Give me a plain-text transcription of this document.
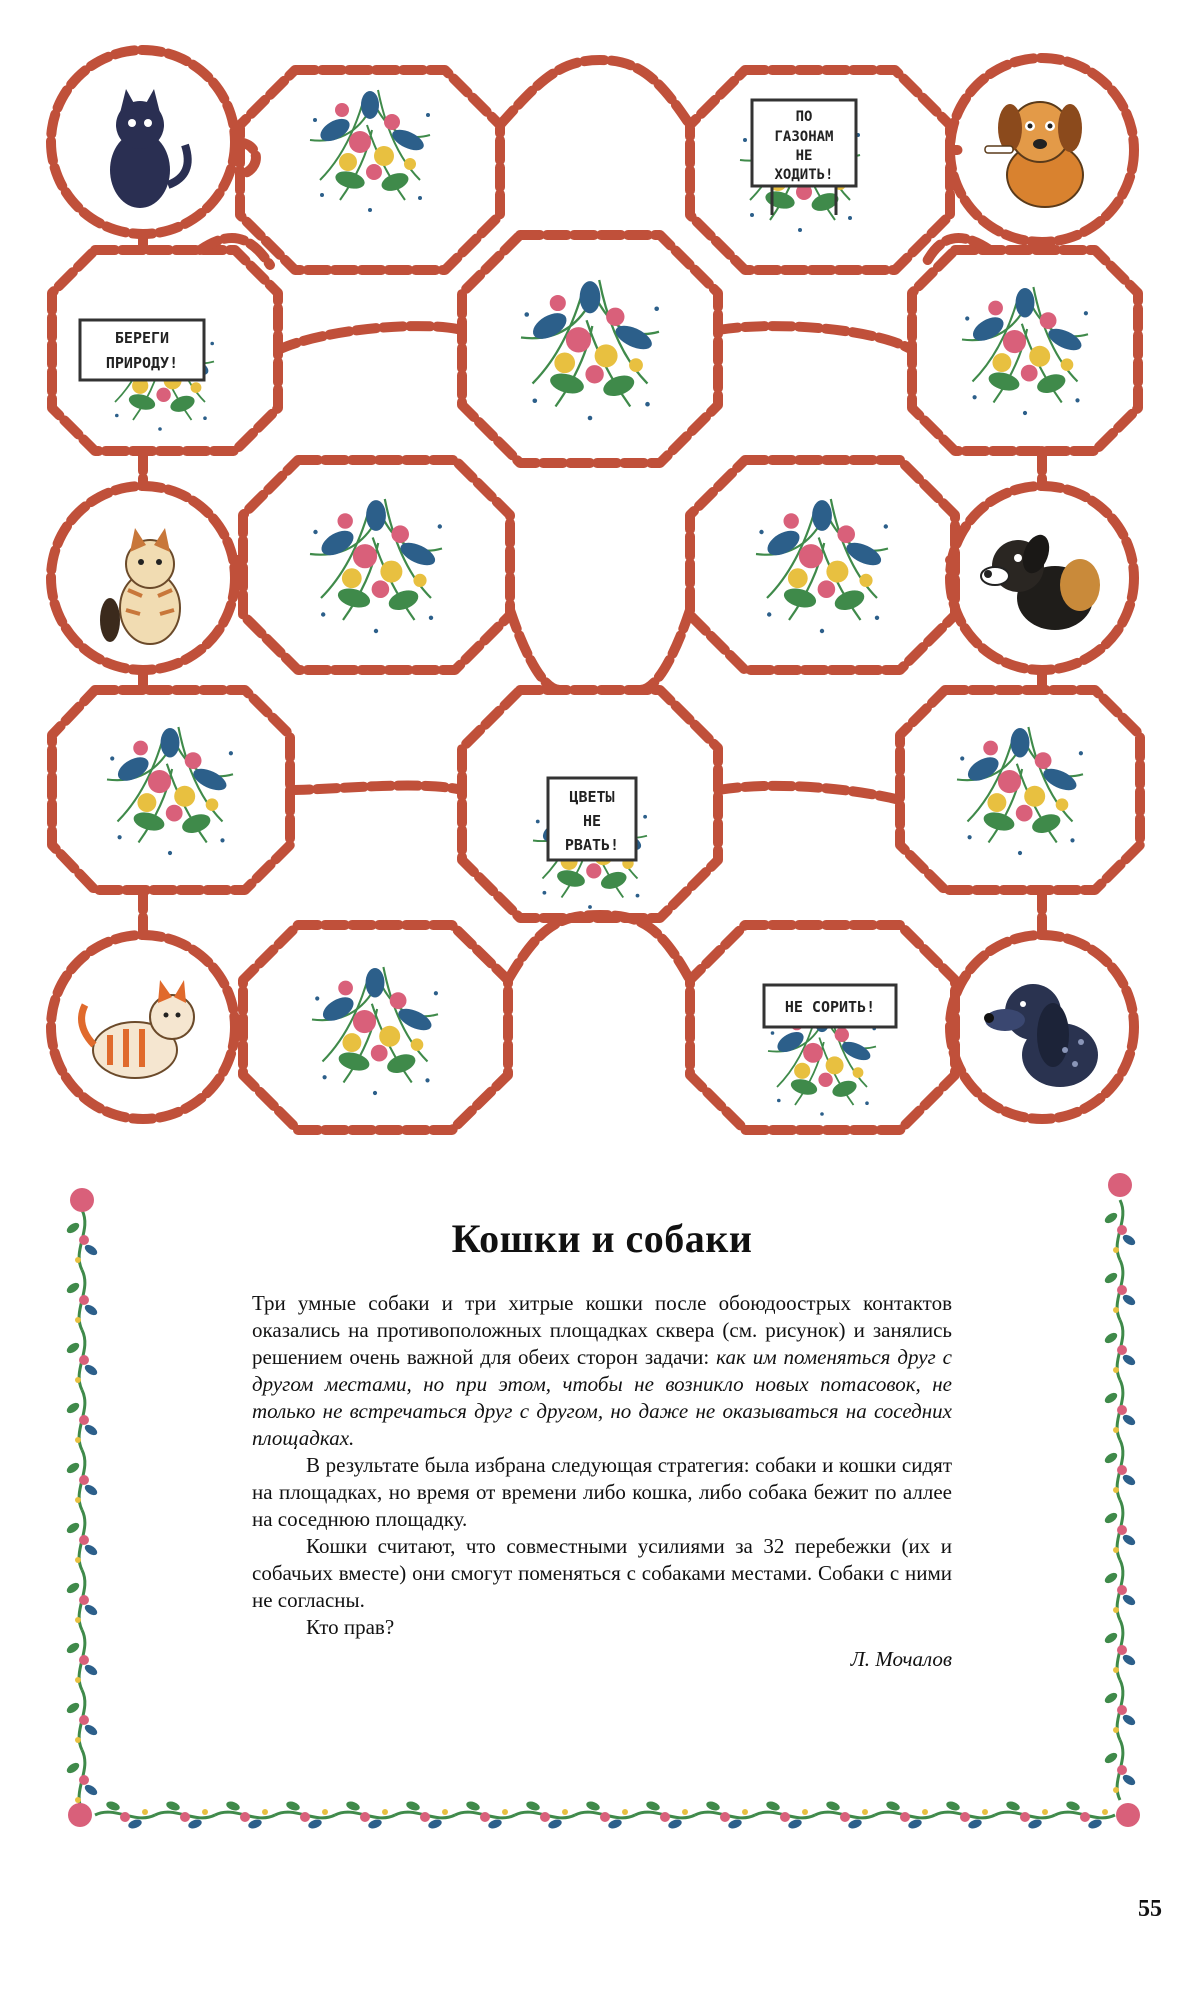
ПО
ГАЗОНАМ
НЕ
ХОДИТЬ!
БЕРЕГИ
ПРИРОДУ!
ЦВЕТЫ
НЕ
РВАТЬ!
НЕ СОРИТЬ!
Кошки и собаки

Три умные собаки и три хитрые кошки после обоюдоострых контактов оказались на противоположных площадках сквера (см. рисунок) и занялись решением очень важной для обеих сторон задачи: как им поменяться друг с другом местами, но при этом, чтобы не возникло новых потасовок, не только не встречаться друг с другом, но даже не оказываться на соседних площадках.

В результате была избрана следующая стратегия: собаки и кошки сидят на площадках, но время от времени либо кошка, либо собака бежит по аллее на соседнюю площадку.

Кошки считают, что совместными усилиями за 32 перебежки (их и собачьих вместе) они смогут поменяться с собаками местами. Собаки с ними не согласны.

Кто прав?

Л. Мочалов
55
